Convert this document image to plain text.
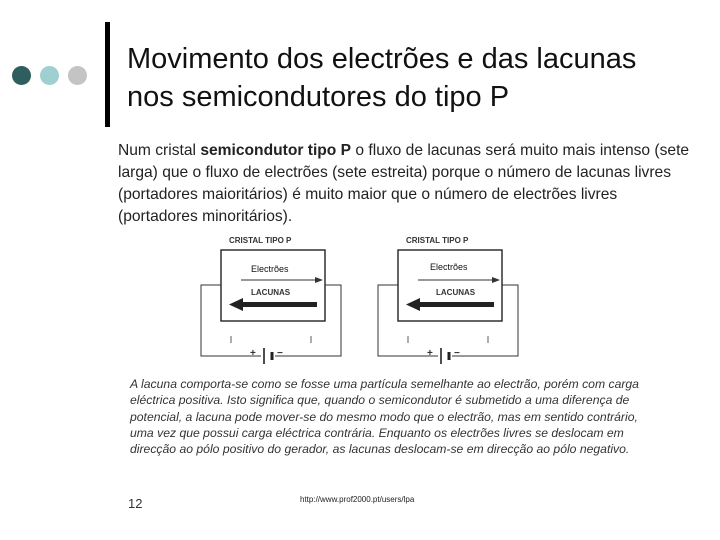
Movimento dos electrões e das lacunas
nos semicondutores do tipo P
Num cristal semicondutor tipo P o fluxo de lacunas será muito mais intenso (sete larga) que o fluxo de electrões (sete estreita) porque o número de lacunas livres (portadores maioritários) é muito maior que o número de electrões livres (portadores minoritários).
CRISTAL TIPO P
Electrões
LACUNAS
+ −
CRISTAL TIPO P
Electrões
LACUNAS
+ −
A lacuna comporta-se como se fosse uma partícula semelhante ao electrão, porém com carga eléctrica positiva. Isto significa que, quando o semicondutor é submetido a uma diferença de potencial, a lacuna pode mover-se do mesmo modo que o electrão, mas em sentido contrário, uma vez que possui carga eléctrica contrária. Enquanto os electrões livres se deslocam em direcção ao pólo positivo do gerador, as lacunas deslocam-se em direcção ao pólo negativo.
12	http://www.prof2000.pt/users/lpa
